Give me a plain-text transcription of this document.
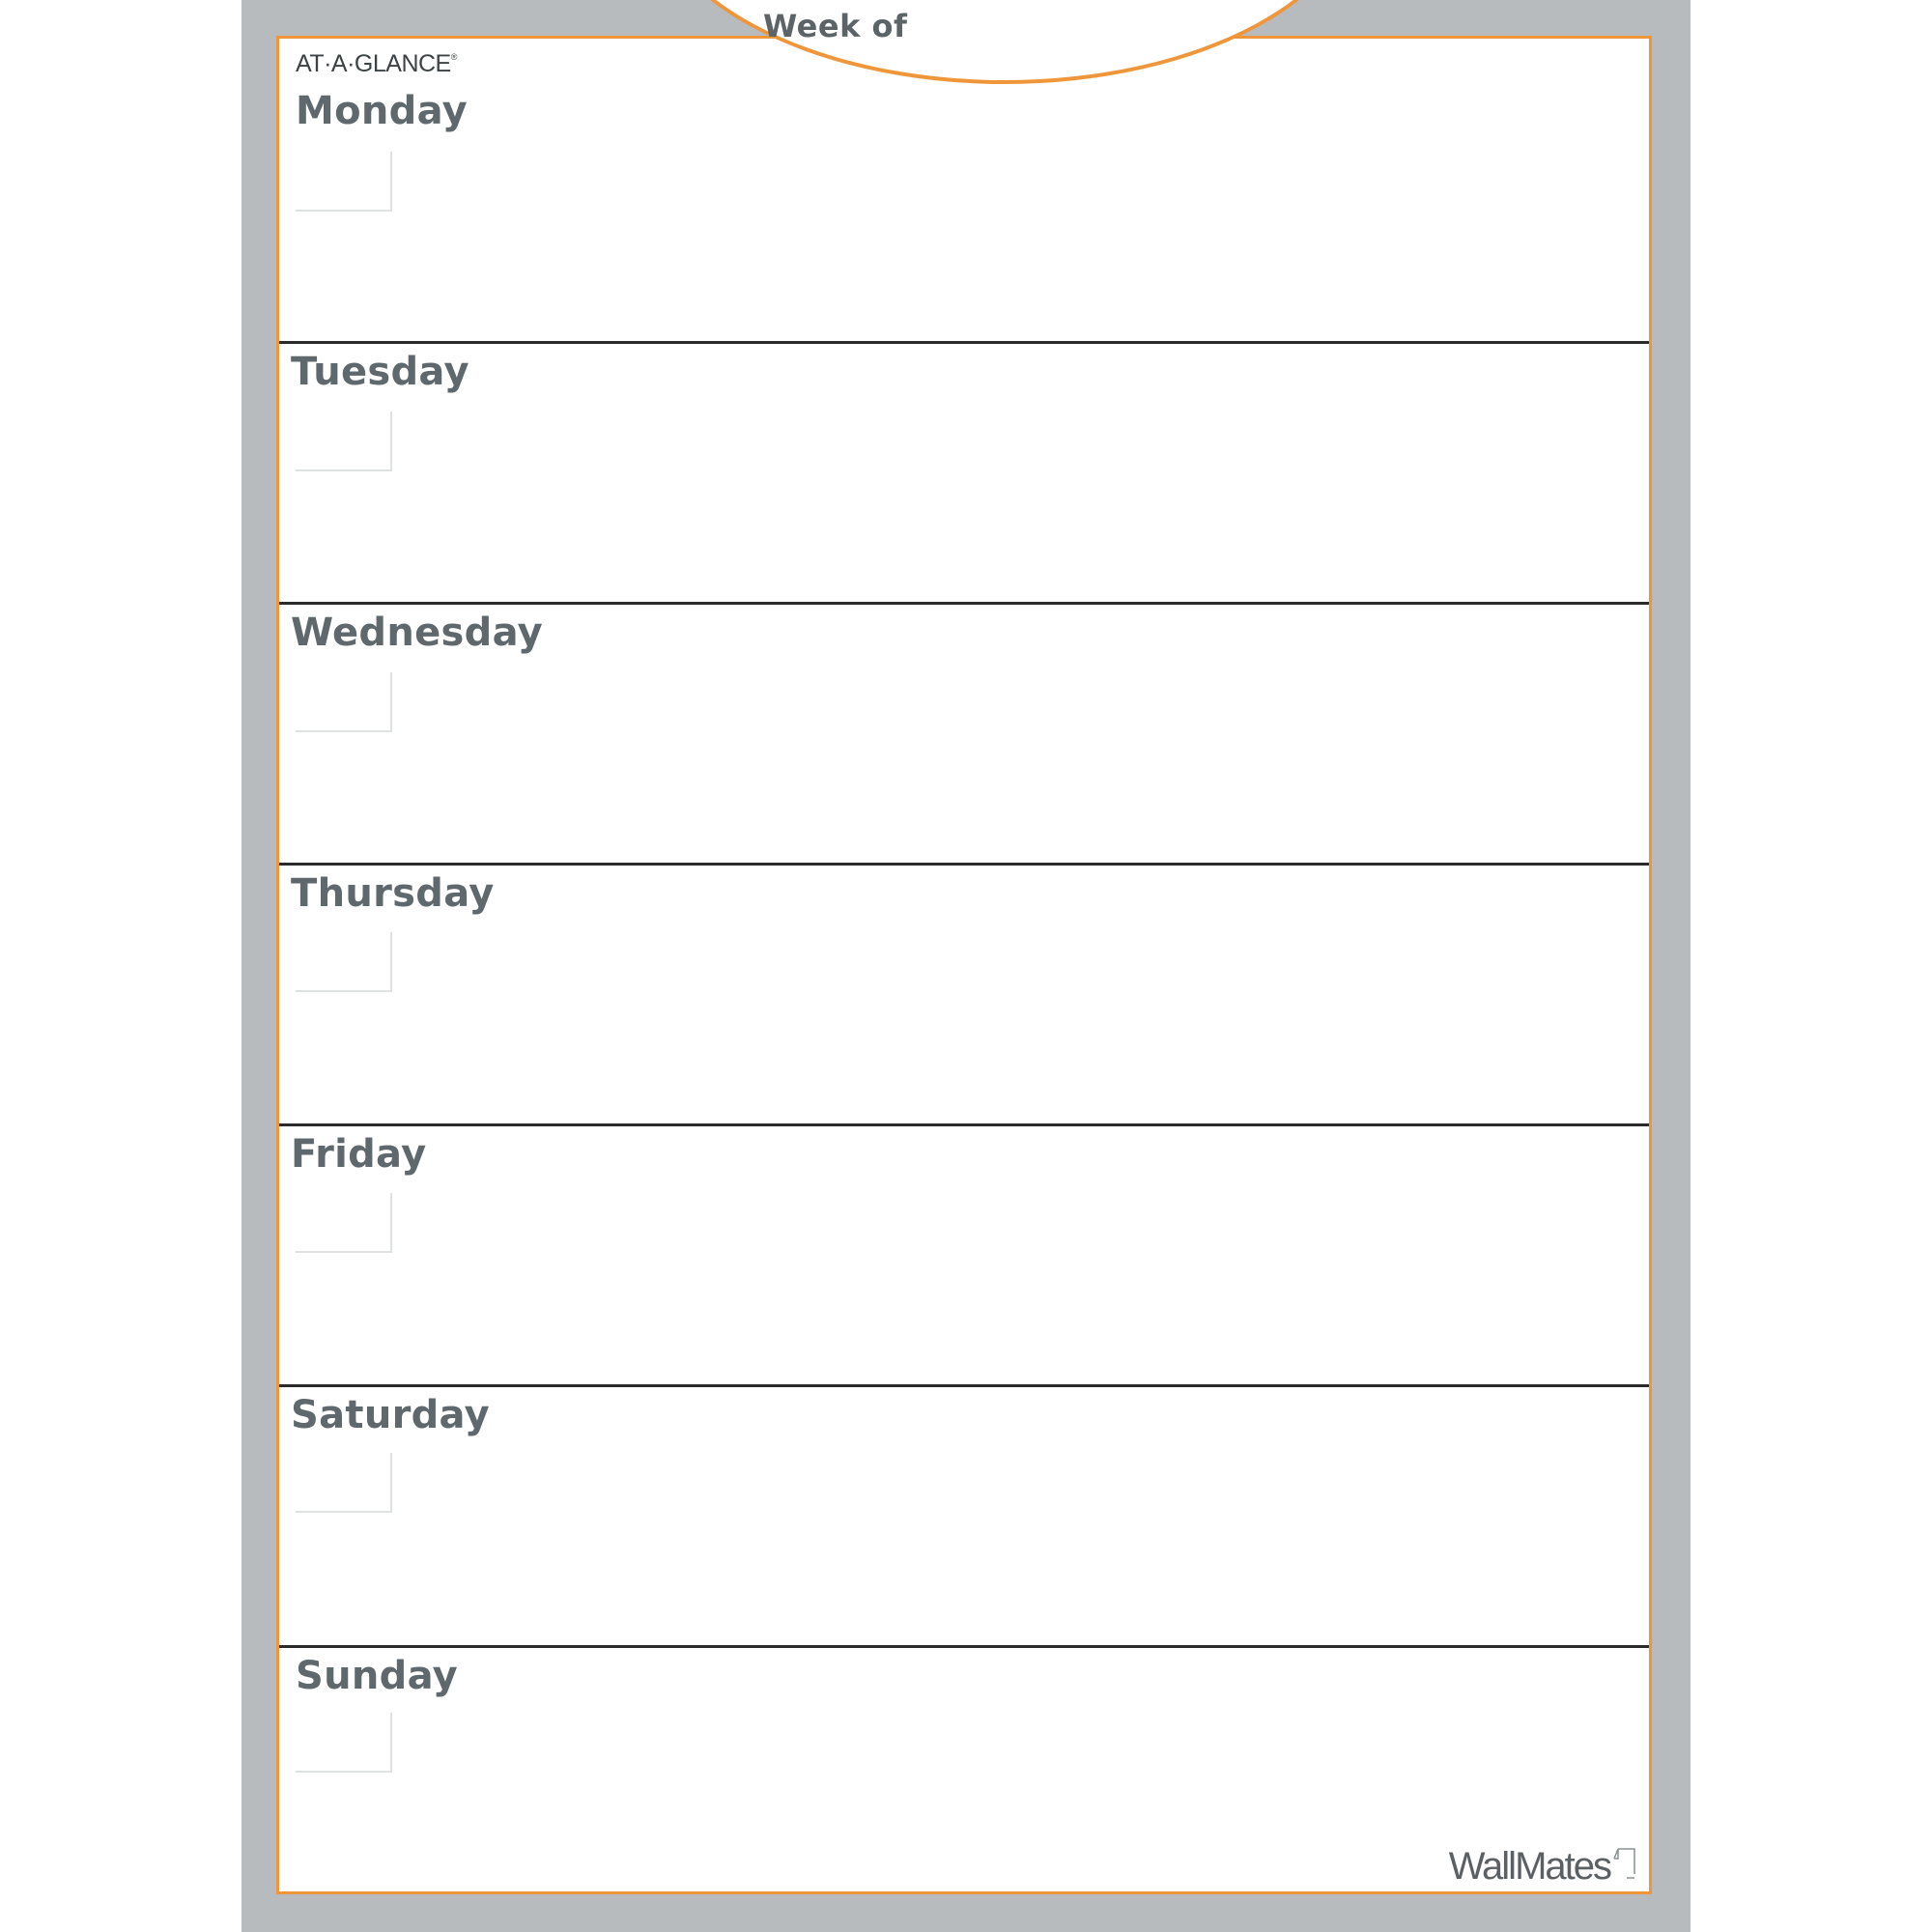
Week of
AT·A·GLANCE®
Monday
Tuesday
Wednesday
Thursday
Friday
Saturday
Sunday
WallMates
